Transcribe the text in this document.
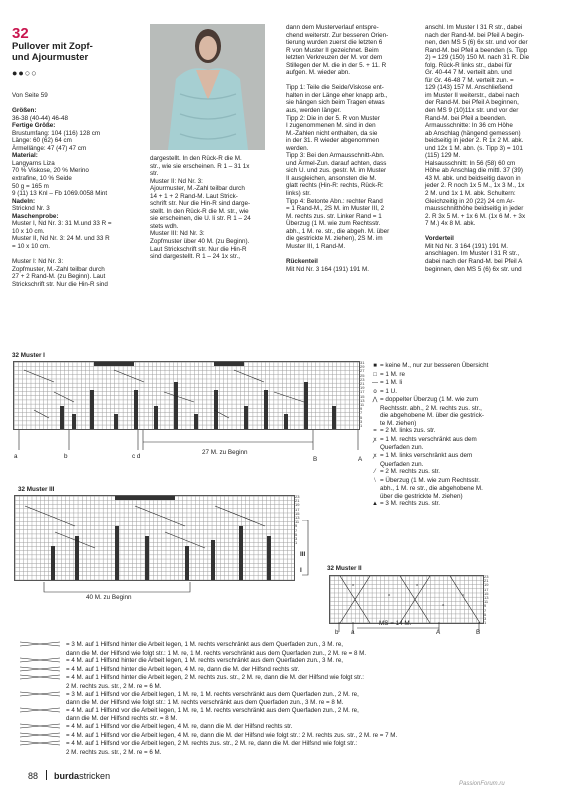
32
Pullover mit Zopf-
und Ajourmuster
●●○○
Von Seite 59

Größen:
36-38 (40-44) 46-48
Fertige Größe:
Brustumfang: 104 (116) 128 cm
Länge: 60 (62) 64 cm
Ärmellänge: 47 (47) 47 cm
Material:
Langyarns Liza
70 % Viskose, 20 % Merino
extrafine, 10 % Seide
50 g = 165 m
9 (11) 13 Knl – Fb 1069.0058 Mint
Nadeln:
Stricknd Nr. 3
Maschenprobe:
Muster I, Nd Nr. 3: 31 M.und 33 R =
10 x 10 cm.
Muster II, Nd Nr. 3: 24 M. und 33 R
= 10 x 10 cm.

Muster I: Nd Nr. 3:
Zopfmuster, M.-Zahl teilbar durch
27 + 2 Rand-M. (zu Beginn). Laut
Strickschrift str. Nur die Hin-R sind
dargestellt. In den Rück-R die M.
str., wie sie erscheinen. R 1 – 31 1x
str.
Muster II: Nd Nr. 3:
Ajourmuster, M.-Zahl teilbar durch
14 + 1 + 2 Rand-M. Laut Strick-
schrift str. Nur die Hin-R sind darge-
stellt. In den Rück-R die M. str., wie
sie erscheinen, die U. li str. R 1 – 24
stets wdh.
Muster III: Nd Nr. 3:
Zopfmuster über 40 M. (zu Beginn).
Laut Strickschrift str. Nur die Hin-R
sind dargestellt. R 1 – 24 1x str.,
dann dem Musterverlauf entspre-
chend weiterstr. Zur besseren Orien-
tierung wurden zuerst die letzten 6
R von Muster II gezeichnet. Beim
letzten Verkreuzen der M. vor dem
Stillegen der M. die in der 5. + 11. R
aufgen. M. wieder abn.

Tipp 1: Teile die Seide/Viskose ent-
halten in der Länge eher knapp arb.,
sie hängen sich beim Tragen etwas
aus, werden länger.
Tipp 2: Die in der 5. R von Muster
I zugenommenen M. sind in den
M.-Zahlen nicht enthalten, da sie
in der 31. R wieder abgenommen
werden.
Tipp 3: Bei den Armausschnitt-Abn.
und Ärmel-Zun. darauf achten, dass
sich U. und zus. gestr. M. im Muster
II ausgleichen, ansonsten die M.
glatt rechts (Hin-R: rechts, Rück-R:
links) str.
Tipp 4: Betonte Abn.: rechter Rand
= 1 Rand-M., 2S M. im Muster III, 2
M. rechts zus. str. Linker Rand = 1
Überzug (1 M. wie zum Rechtsstr.
abh., 1 M. re. str., die abgeh. M. über
die gestrickte M. ziehen), 2S M. im
Muster III, 1 Rand-M.

Rückenteil
Mit Nd Nr. 3 164 (191) 191 M.
anschl. Im Muster I 31 R str., dabei
nach der Rand-M. bei Pfeil A begin-
nen, den MS 5 (6) 6x str. und vor der
Rand-M. bei Pfeil a beenden (s. Tipp
2) = 129 (150) 150 M. nach 31 R. Die
folg. Rück-R links str., dabei für
Gr. 40-44 7 M. verteilt abn. und
für Gr. 46-48 7 M. verteilt zun. =
129 (143) 157 M. Anschließend
im Muster II weiterstr., dabei nach
der Rand-M. bei Pfeil A beginnen,
den MS 9 (10)11x str. und vor der
Rand-M. bei Pfeil a beenden.
Armausschnitte: In 36 cm Höhe
ab Anschlag (hängend gemessen)
beidseitig in jeder 2. R 1x 2 M. abk.
und 12x 1 M. abn. (s. Tipp 3) = 101
(115) 129 M.
Halsausschnitt: In 56 (58) 60 cm
Höhe ab Anschlag die mittl. 37 (39)
43 M. abk. und beidseitig davon in
jeder 2. R noch 1x 5 M., 1x 3 M., 1x
2 M. und 1x 1 M. abk. Schultern:
Gleichzeitig in 20 (22) 24 cm Ar-
mausschnitthöhe beidseitig in jeder
2. R 3x 5 M. + 1x 6 M. (1x 6 M. + 3x
7 M.) 4x 8 M. abk.

Vorderteil
Mit Nd Nr. 3 164 (191) 191 M.
anschlagen. Im Muster I 31 R str.,
dabei nach der Rand-M. bei Pfeil A
beginnen, den MS 5 (6) 6x str. und
32 Muster I
31
29
27
25
23
21
19
17
15
13
11
9
7
5
3
1
a	b	c d	B	A
27 M. zu Beginn
32 Muster III
23
21
19
17
15
13
11
9
7
5
3
1
III
I
40 M. zu Beginn
32 Muster II
o
o
o
o
o
23
21
19
17
15
13
11
9
7
5
3
1
b a	A	B
MS = 14 M.
■ = keine M., nur zur besseren Übersicht
□ = 1 M. re
— = 1 M. li
o = 1 U.
⋀ = doppelter Überzug (1 M. wie zum
Rechtsstr. abh., 2 M. rechts zus. str.,
die abgehobene M. über die gestrick-
te M. ziehen)
= = 2 M. links zus. str.
ꭗ = 1 M. rechts verschränkt aus dem
Querfaden zun.
ꭗ = 1 M. links verschränkt aus dem
Querfaden zun.
⁄ = 2 M. rechts zus. str.
⧵ = Überzug (1 M. wie zum Rechtsstr.
abh., 1 M. re str., die abgehobene M.
über die gestrickte M. ziehen)
▲ = 3 M. rechts zus. str.
= 3 M. auf 1 Hilfsnd hinter die Arbeit legen, 1 M. rechts verschränkt aus dem Querfaden zun., 3 M. re,
dann die M. der Hilfsnd wie folgt str.: 1 M. re, 1 M. rechts verschränkt aus dem Querfaden zun., 2 M. re = 8 M.
= 4 M. auf 1 Hilfsnd hinter die Arbeit legen, 1 M. rechts verschränkt aus dem Querfaden zun., 3 M. re,
= 4 M. auf 1 Hilfsnd hinter die Arbeit legen, 4 M. re, dann die M. der Hilfsnd rechts str.
= 4 M. auf 1 Hilfsnd hinter die Arbeit legen, 2 M. rechts zus. str., 2 M. re, dann die M. der Hilfsnd wie folgt str.:
2 M. rechts zus. str., 2 M. re = 6 M.
= 3 M. auf 1 Hilfsnd vor die Arbeit legen, 1 M. re, 1 M. rechts verschränkt aus dem Querfaden zun., 2 M. re,
dann die M. der Hilfsnd wie folgt str.: 1 M. rechts verschränkt aus dem Querfaden zun., 3 M. re = 8 M.
= 4 M. auf 1 Hilfsnd vor die Arbeit legen, 1 M. re, 1 M. rechts verschränkt aus dem Querfaden zun., 2 M. re,
dann die M. der Hilfsnd rechts str. = 8 M.
= 4 M. auf 1 Hilfsnd vor die Arbeit legen, 4 M. re, dann die M. der Hilfsnd rechts str.
= 4 M. auf 1 Hilfsnd vor die Arbeit legen, 4 M. re, dann die M. der Hilfsnd wie folgt str.: 2 M. rechts zus. str., 2 M. re = 7 M.
= 4 M. auf 1 Hilfsnd vor die Arbeit legen, 2 M. rechts zus. str., 2 M. re, dann die M. der Hilfsnd wie folgt str.:
2 M. rechts zus. str., 2 M. re = 6 M.
88 burdastricken
PassionForum.ru
